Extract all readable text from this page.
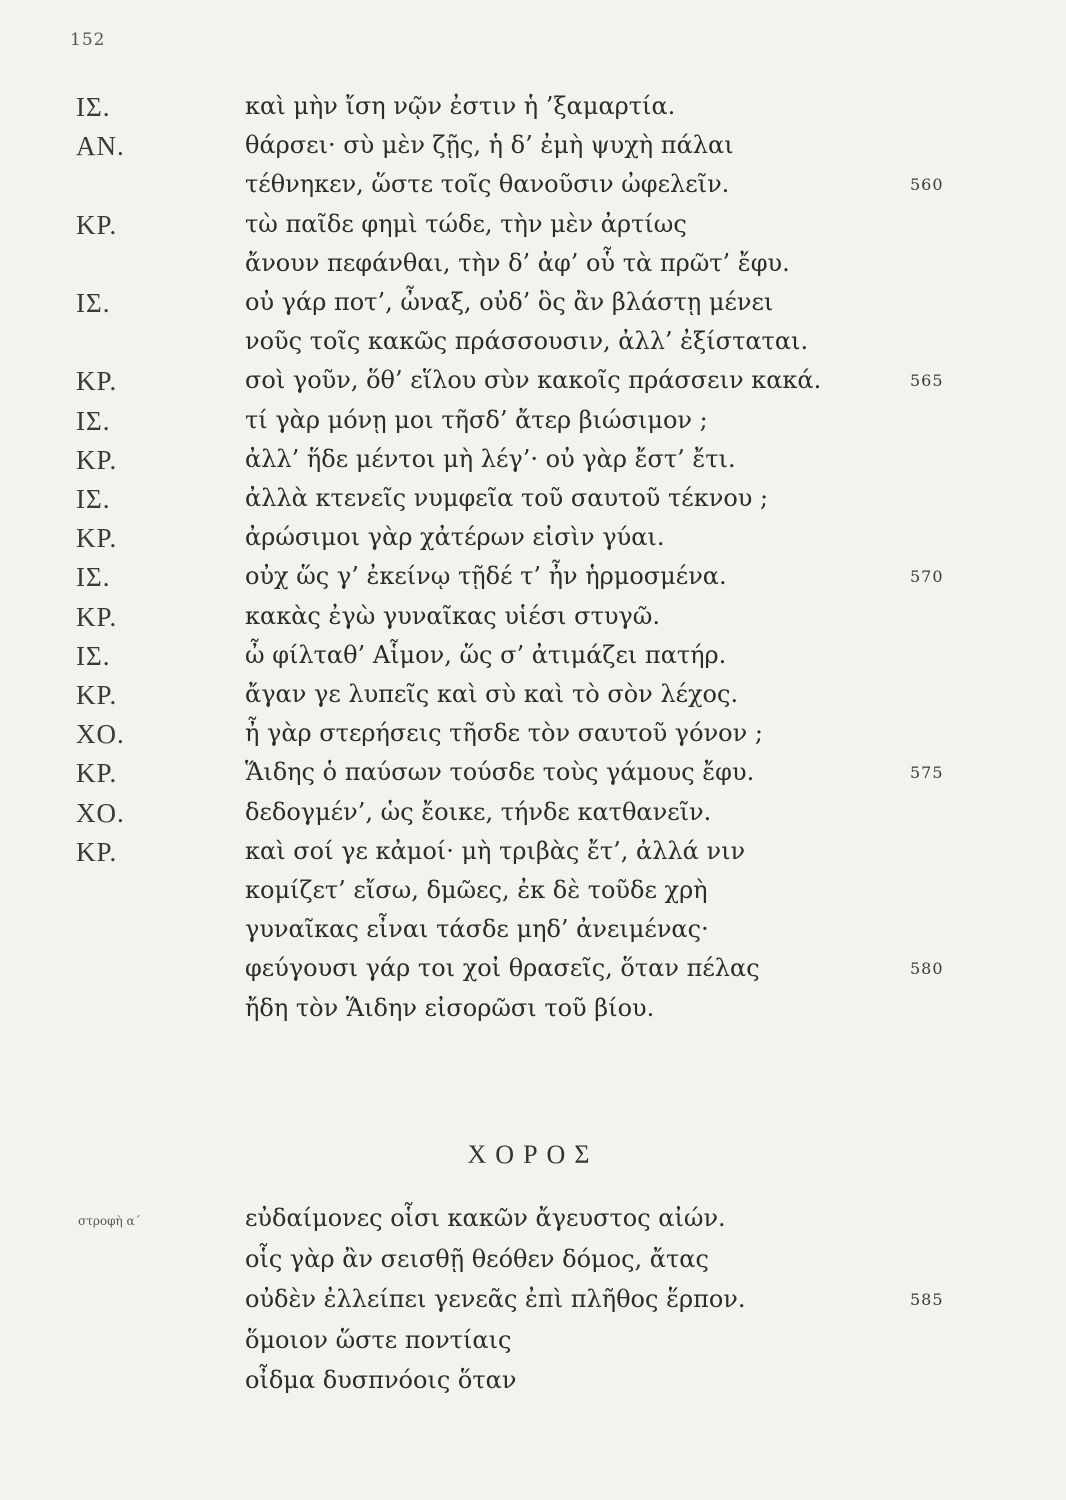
152
ΙΣ.	καὶ μὴν ἴση νῷν ἐστιν ἡ ’ξαμαρτία.
ΑΝ.	θάρσει· σὺ μὲν ζῇς, ἡ δ’ ἐμὴ ψυχὴ πάλαι
τέθνηκεν, ὥστε τοῖς θανοῦσιν ὠφελεῖν.	560
ΚΡ.	τὼ παῖδε φημὶ τώδε, τὴν μὲν ἀρτίως
ἄνουν πεφάνθαι, τὴν δ’ ἀφ’ οὗ τὰ πρῶτ’ ἔφυ.
ΙΣ.	οὐ γάρ ποτ’, ὦναξ, οὐδ’ ὃς ἂν βλάστῃ μένει
νοῦς τοῖς κακῶς πράσσουσιν, ἀλλ’ ἐξίσταται.
ΚΡ.	σοὶ γοῦν, ὅθ’ εἵλου σὺν κακοῖς πράσσειν κακά.	565
ΙΣ.	τί γὰρ μόνῃ μοι τῆσδ’ ἄτερ βιώσιμον ;
ΚΡ.	ἀλλ’ ἥδε μέντοι μὴ λέγ’· οὐ γὰρ ἔστ’ ἔτι.
ΙΣ.	ἀλλὰ κτενεῖς νυμφεῖα τοῦ σαυτοῦ τέκνου ;
ΚΡ.	ἀρώσιμοι γὰρ χἀτέρων εἰσὶν γύαι.
ΙΣ.	οὐχ ὥς γ’ ἐκείνῳ τῇδέ τ’ ἦν ἡρμοσμένα.	570
ΚΡ.	κακὰς ἐγὼ γυναῖκας υἱέσι στυγῶ.
ΙΣ.	ὦ φίλταθ’ Αἷμον, ὥς σ’ ἀτιμάζει πατήρ.
ΚΡ.	ἄγαν γε λυπεῖς καὶ σὺ καὶ τὸ σὸν λέχος.
ΧΟ.	ἦ γὰρ στερήσεις τῆσδε τὸν σαυτοῦ γόνον ;
ΚΡ.	Ἅιδης ὁ παύσων τούσδε τοὺς γάμους ἔφυ.	575
ΧΟ.	δεδογμέν’, ὡς ἔοικε, τήνδε κατθανεῖν.
ΚΡ.	καὶ σοί γε κἀμοί· μὴ τριβὰς ἔτ’, ἀλλά νιν
κομίζετ’ εἴσω, δμῶες, ἐκ δὲ τοῦδε χρὴ
γυναῖκας εἶναι τάσδε μηδ’ ἀνειμένας·
φεύγουσι γάρ τοι χοἰ θρασεῖς, ὅταν πέλας	580
ἤδη τὸν Ἅιδην εἰσορῶσι τοῦ βίου.
ΧΟΡΟΣ
στροφὴ α΄	εὐδαίμονες οἷσι κακῶν ἄγευστος αἰών.
οἷς γὰρ ἂν σεισθῇ θεόθεν δόμος, ἄτας
οὐδὲν ἐλλείπει γενεᾶς ἐπὶ πλῆθος ἕρπον.	585
ὅμοιον ὥστε ποντίαις
οἶδμα δυσπνόοις ὅταν
